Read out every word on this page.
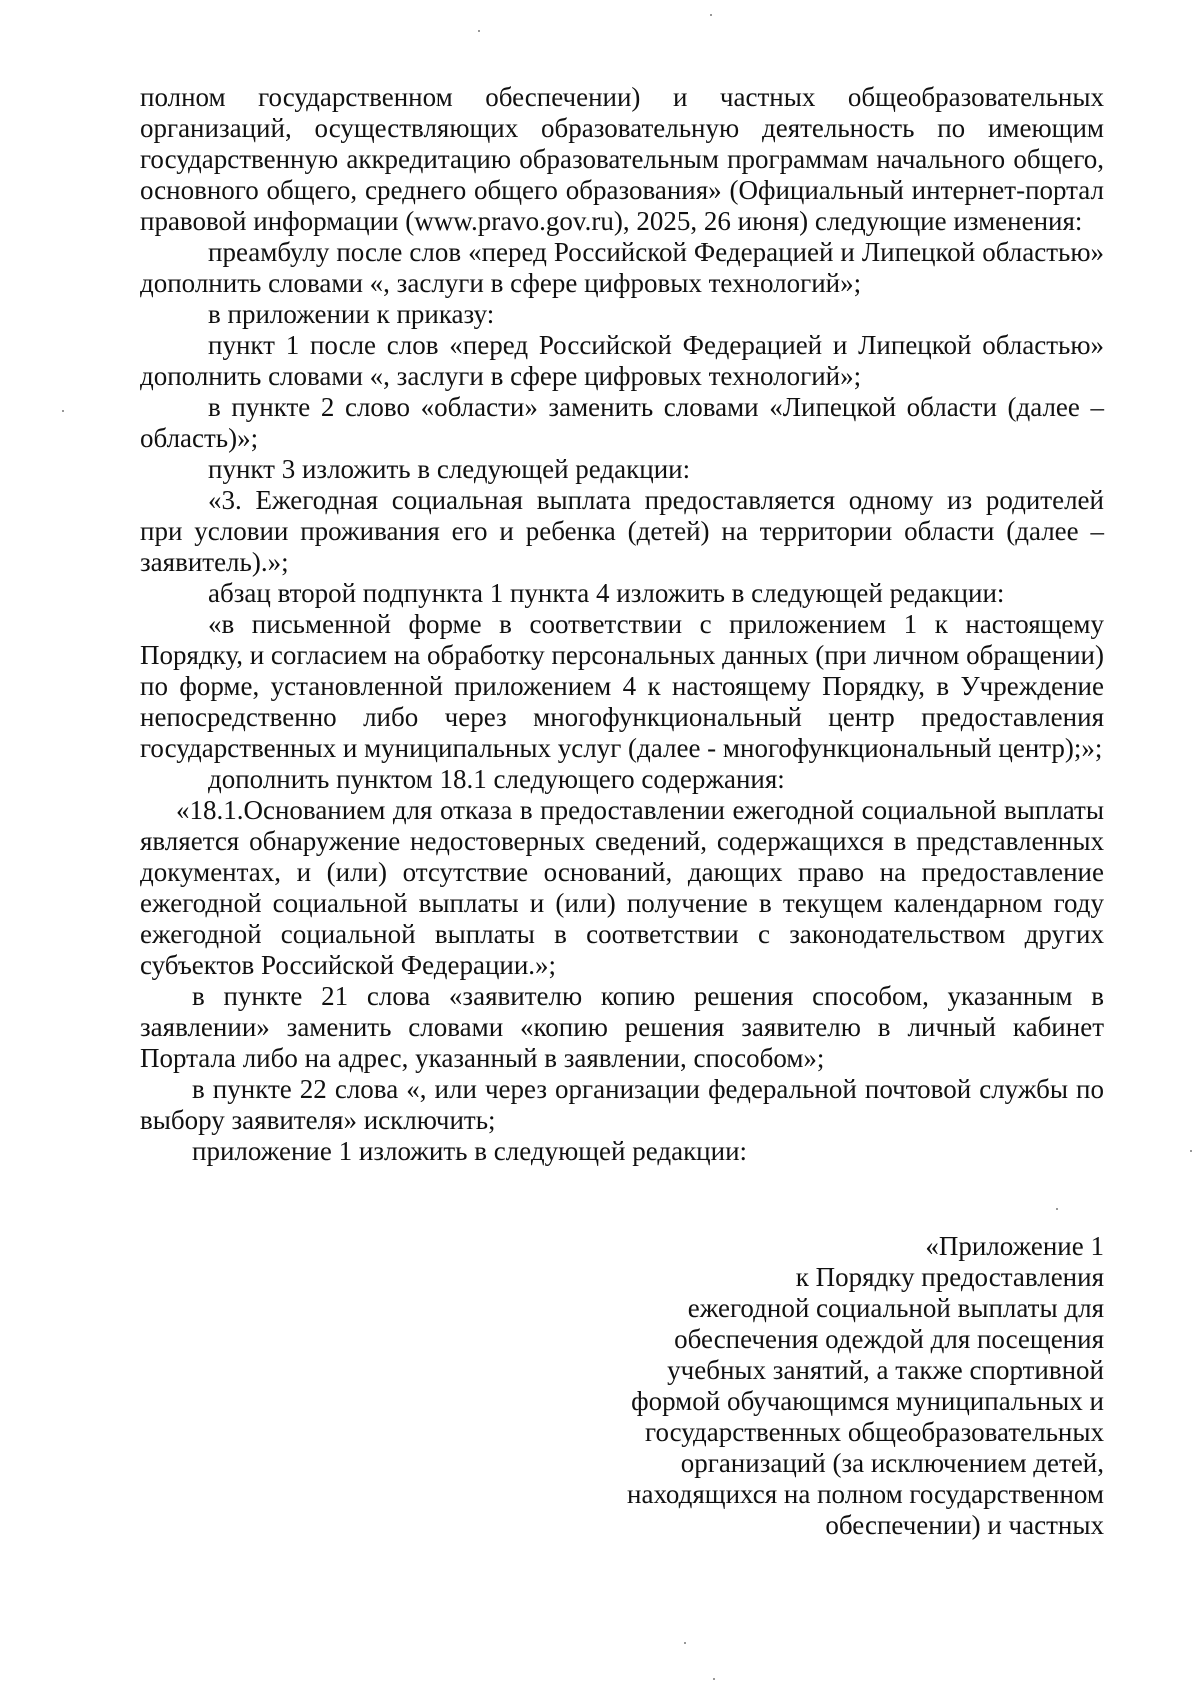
полном государственном обеспечении) и частных общеобразовательных организаций, осуществляющих образовательную деятельность по имеющим государственную аккредитацию образовательным программам начального общего, основного общего, среднего общего образования» (Официальный интернет-портал правовой информации (www.pravo.gov.ru), 2025, 26 июня) следующие изменения:

преамбулу после слов «перед Российской Федерацией и Липецкой областью» дополнить словами «, заслуги в сфере цифровых технологий»;

в приложении к приказу:

пункт 1 после слов «перед Российской Федерацией и Липецкой областью» дополнить словами «, заслуги в сфере цифровых технологий»;

в пункте 2 слово «области» заменить словами «Липецкой области (далее – область)»;

пункт 3 изложить в следующей редакции:

«3. Ежегодная социальная выплата предоставляется одному из родителей при условии проживания его и ребенка (детей) на территории области (далее – заявитель).»;

абзац второй подпункта 1 пункта 4 изложить в следующей редакции:

«в письменной форме в соответствии с приложением 1 к настоящему Порядку, и согласием на обработку персональных данных (при личном обращении) по форме, установленной приложением 4 к настоящему Порядку, в Учреждение непосредственно либо через многофункциональный центр предоставления государственных и муниципальных услуг (далее - многофункциональный центр);»;

дополнить пунктом 18.1 следующего содержания:

«18.1.Основанием для отказа в предоставлении ежегодной социальной выплаты является обнаружение недостоверных сведений, содержащихся в представленных документах, и (или) отсутствие оснований, дающих право на предоставление ежегодной социальной выплаты и (или) получение в текущем календарном году ежегодной социальной выплаты в соответствии с законодательством других субъектов Российской Федерации.»;

в пункте 21 слова «заявителю копию решения способом, указанным в заявлении» заменить словами «копию решения заявителю в личный кабинет Портала либо на адрес, указанный в заявлении, способом»;

в пункте 22 слова «, или через организации федеральной почтовой службы по выбору заявителя» исключить;

приложение 1 изложить в следующей редакции:

«Приложение 1

к Порядку предоставления

ежегодной социальной выплаты для

обеспечения одеждой для посещения

учебных занятий, а также спортивной

формой обучающимся муниципальных и

государственных общеобразовательных

организаций (за исключением детей,

находящихся на полном государственном

обеспечении) и частных
